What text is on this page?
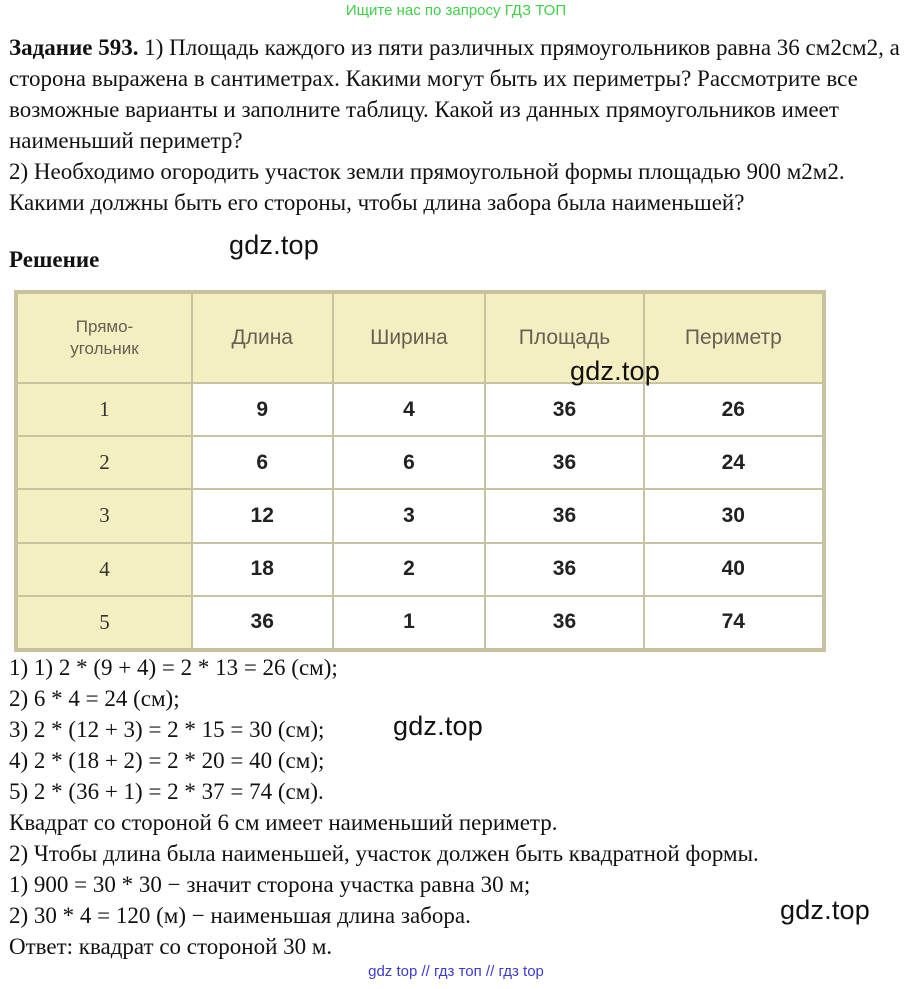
Ищите нас по запросу ГДЗ ТОП
Задание 593. 1) Площадь каждого из пяти различных прямоугольников равна 36 см2см2, а сторона выражена в сантиметрах. Какими могут быть их периметры? Рассмотрите все возможные варианты и заполните таблицу. Какой из данных прямоугольников имеет наименьший периметр?
2) Необходимо огородить участок земли прямоугольной формы площадью 900 м2м2. Какими должны быть его стороны, чтобы длина забора была наименьшей?
Решение	gdz.top
Прямо-
угольник	Длина	Ширина	Площадь	Периметр
1	9	4	36	26
2	6	6	36	24
3	12	3	36	30
4	18	2	36	40
5	36	1	36	74
gdz.top
1) 1) 2 * (9 + 4) = 2 * 13 = 26 (см);
2) 6 * 4 = 24 (см);
3) 2 * (12 + 3) = 2 * 15 = 30 (см);
4) 2 * (18 + 2) = 2 * 20 = 40 (см);
5) 2 * (36 + 1) = 2 * 37 = 74 (см).
Квадрат со стороной 6 см имеет наименьший периметр.
2) Чтобы длина была наименьшей, участок должен быть квадратной формы.
1) 900 = 30 * 30 − значит сторона участка равна 30 м;
2) 30 * 4 = 120 (м) − наименьшая длина забора.
Ответ: квадрат со стороной 30 м.
gdz.top
gdz.top
gdz top // гдз топ // гдз top
